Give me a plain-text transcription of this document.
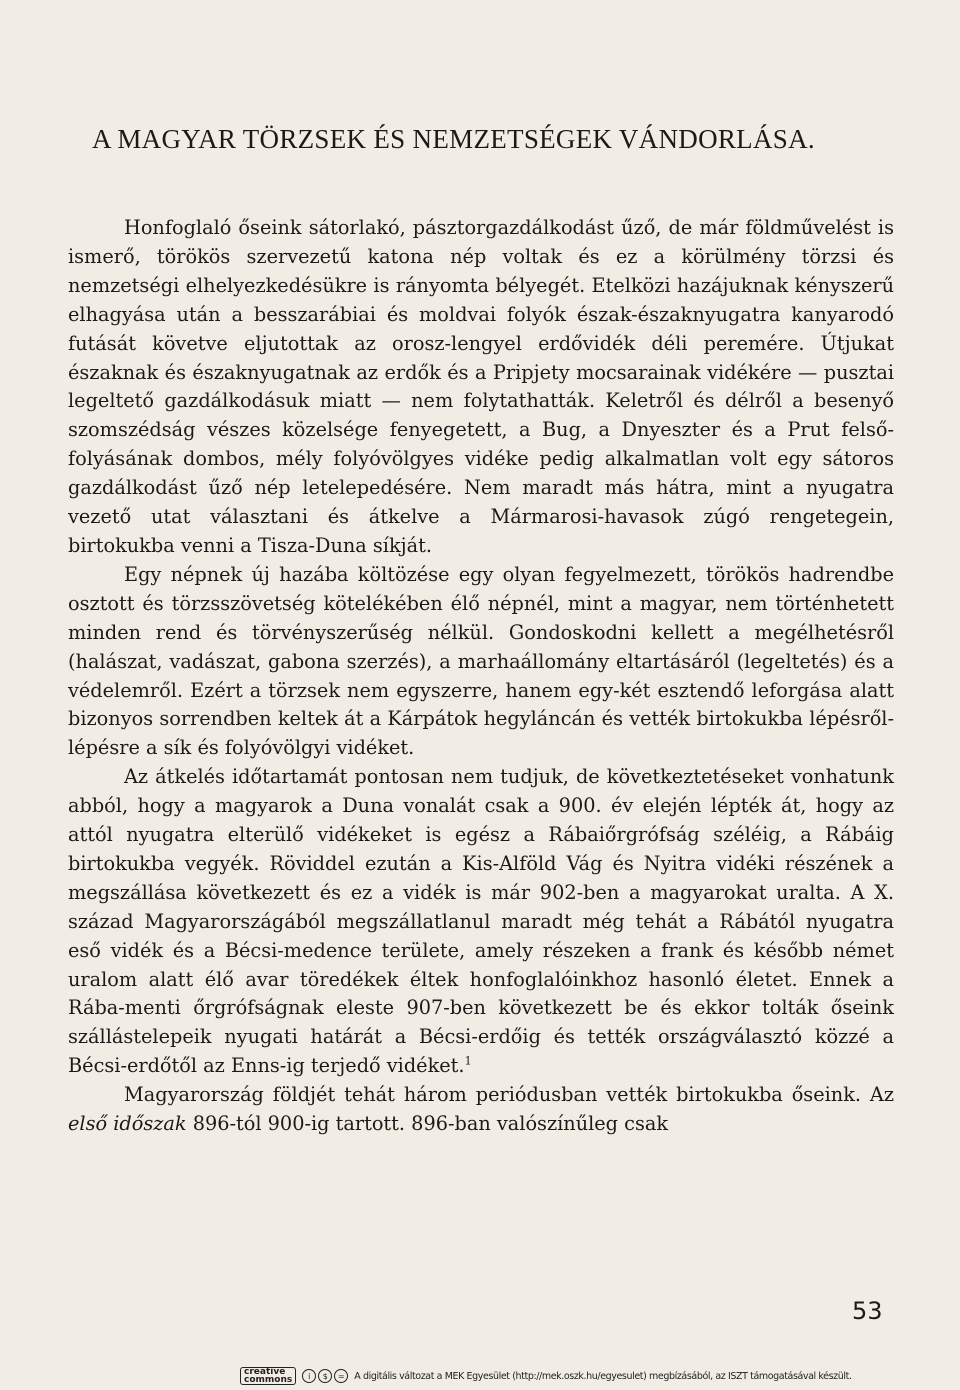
A MAGYAR TÖRZSEK ÉS NEMZETSÉGEK VÁNDORLÁSA.

Honfoglaló őseink sátorlakó, pásztorgazdálkodást űző, de már földművelést is ismerő, törökös szervezetű katona nép voltak és ez a körülmény törzsi és nemzetségi elhelyezkedésükre is rányomta bélyegét. Etelközi hazájuknak kényszerű elhagyása után a besszarábiai és moldvai folyók észak-északnyugatra kanyarodó futását követve eljutottak az orosz-lengyel erdővidék déli peremére. Útjukat északnak és északnyugatnak az erdők és a Pripjety mocsarainak vidékére — pusztai legeltető gazdálkodásuk miatt — nem folytathatták. Keletről és délről a besenyő szomszédság vészes közelsége fenyegetett, a Bug, a Dnyeszter és a Prut felsőfolyásának dombos, mély folyóvölgyes vidéke pedig alkalmatlan volt egy sátoros gazdálkodást űző nép letelepedésére. Nem maradt más hátra, mint a nyugatra vezető utat választani és átkelve a Mármarosi-havasok zúgó rengetegein, birtokukba venni a Tisza-Duna síkját.

Egy népnek új hazába költözése egy olyan fegyelmezett, törökös hadrendbe osztott és törzsszövetség kötelékében élő népnél, mint a magyar, nem történhetett minden rend és törvényszerűség nélkül. Gondoskodni kellett a megélhetésről (halászat, vadászat, gabona szerzés), a marhaállomány eltartásáról (legeltetés) és a védelemről. Ezért a törzsek nem egyszerre, hanem egy-két esztendő leforgása alatt bizonyos sorrendben keltek át a Kárpátok hegyláncán és vették birtokukba lépésről-lépésre a sík és folyóvölgyi vidéket.

Az átkelés időtartamát pontosan nem tudjuk, de következtetéseket vonhatunk abból, hogy a magyarok a Duna vonalát csak a 900. év elején lépték át, hogy az attól nyugatra elterülő vidékeket is egész a Rábaiőrgrófság széléig, a Rábáig birtokukba vegyék. Röviddel ezután a Kis-Alföld Vág és Nyitra vidéki részének a megszállása következett és ez a vidék is már 902-ben a magyarokat uralta. A X. század Magyarországából megszállatlanul maradt még tehát a Rábától nyugatra eső vidék és a Bécsi-medence területe, amely részeken a frank és később német uralom alatt élő avar töredékek éltek honfoglalóinkhoz hasonló életet. Ennek a Rába-menti őrgrófságnak eleste 907-ben következett be és ekkor tolták őseink szállástelepeik nyugati határát a Bécsi-erdőig és tették országválasztó közzé a Bécsi-erdőtől az Enns-ig terjedő vidéket.$^1$

Magyarország földjét tehát három periódusban vették birtokukba őseink. Az első időszak 896-tól 900-ig tartott. 896-ban valószínűleg csak

53
creative
commons	i	$	=	A digitális változat a MEK Egyesület (http://mek.oszk.hu/egyesulet) megbízásából, az ISZT támogatásával készült.
